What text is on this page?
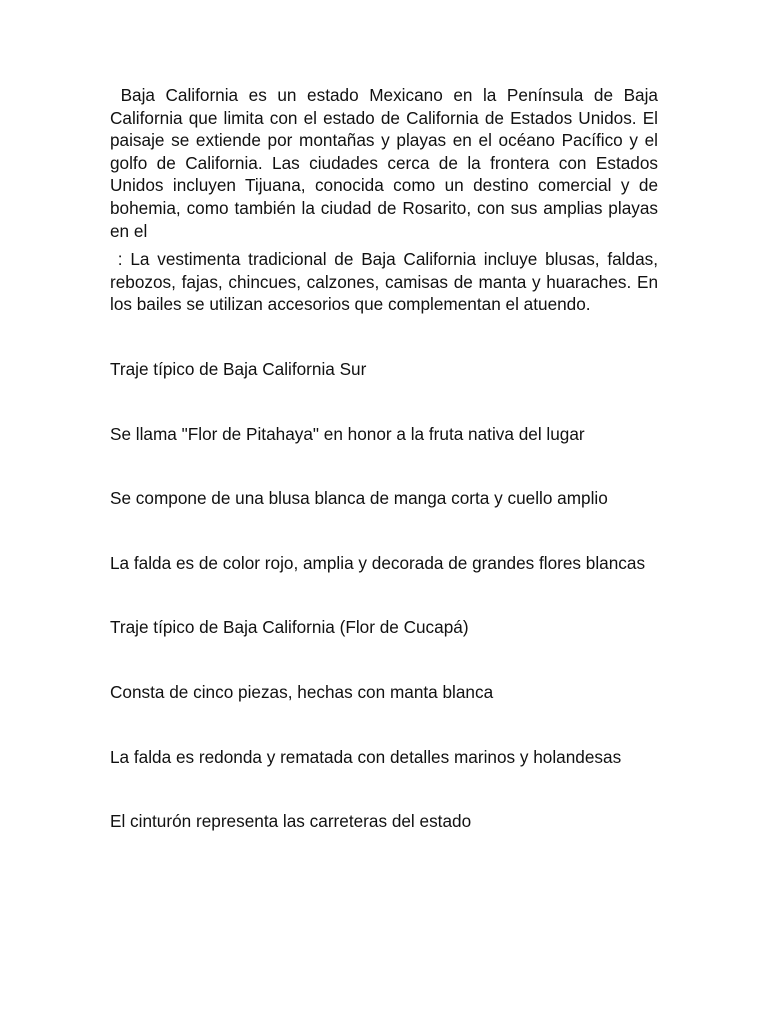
Baja California es un estado Mexicano en la Península de Baja California que limita con el estado de California de Estados Unidos. El paisaje se extiende por montañas y playas en el océano Pacífico y el golfo de California. Las ciudades cerca de la frontera con Estados Unidos incluyen Tijuana, conocida como un destino comercial y de bohemia, como también la ciudad de Rosarito, con sus amplias playas en el

: La vestimenta tradicional de Baja California incluye blusas, faldas, rebozos, fajas, chincues, calzones, camisas de manta y huaraches. En los bailes se utilizan accesorios que complementan el atuendo.

Traje típico de Baja California Sur

Se llama "Flor de Pitahaya" en honor a la fruta nativa del lugar

Se compone de una blusa blanca de manga corta y cuello amplio

La falda es de color rojo, amplia y decorada de grandes flores blancas

Traje típico de Baja California (Flor de Cucapá)

Consta de cinco piezas, hechas con manta blanca

La falda es redonda y rematada con detalles marinos y holandesas

El cinturón representa las carreteras del estado
